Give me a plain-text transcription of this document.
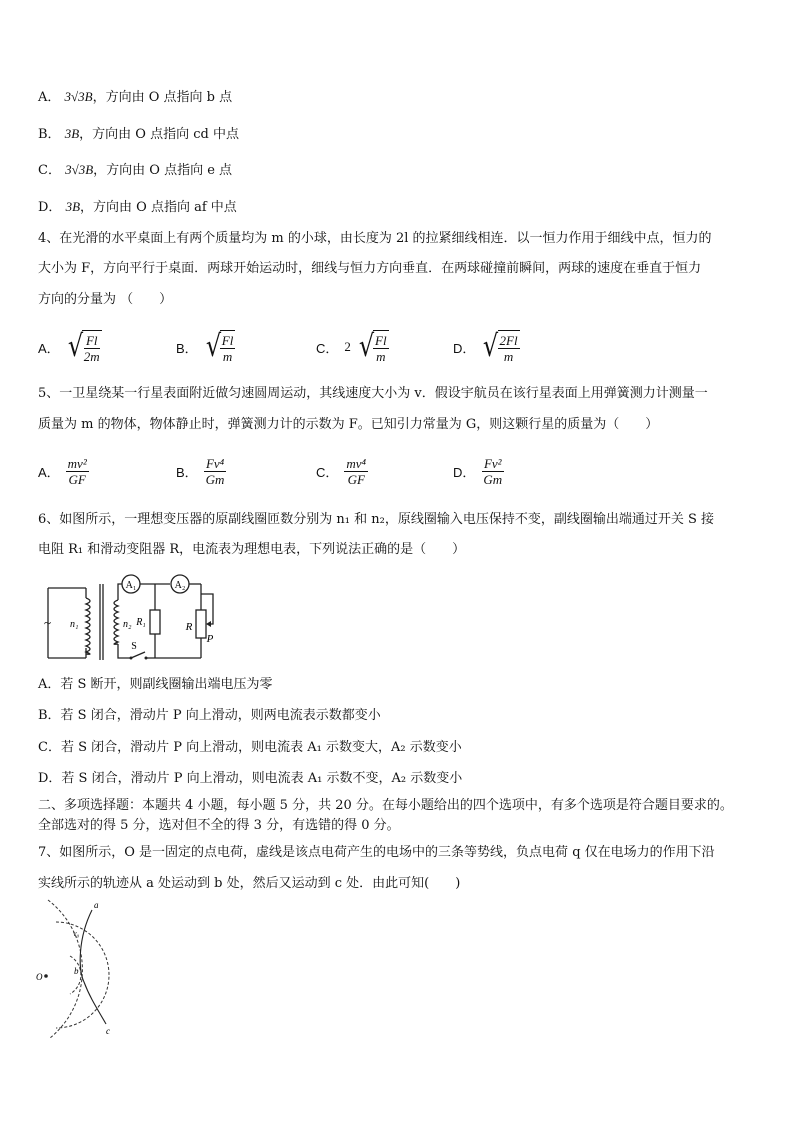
A． 3√3B，方向由 O 点指向 b 点
B． 3B，方向由 O 点指向 cd 中点
C． 3√3B，方向由 O 点指向 e 点
D． 3B，方向由 O 点指向 af 中点
4、在光滑的水平桌面上有两个质量均为 m 的小球，由长度为 2l 的拉紧细线相连．以一恒力作用于细线中点，恒力的
大小为 F，方向平行于桌面．两球开始运动时，细线与恒力方向垂直．在两球碰撞前瞬间，两球的速度在垂直于恒力
方向的分量为 （　　）
A． √
$\frac{Fl}{2m}$	B． √
$\frac{Fl}{m}$	C． 2 √
$\frac{Fl}{m}$	D． √
$\frac{2Fl}{m}$
5、一卫星绕某一行星表面附近做匀速圆周运动，其线速度大小为 v．假设宇航员在该行星表面上用弹簧测力计测量一
质量为 m 的物体，物体静止时，弹簧测力计的示数为 F。已知引力常量为 G，则这颗行星的质量为（　　）
A． $\frac{\text{mv²}}{GF}$	B． $\frac{\text{Fv⁴}}{Gm}$	C． $\frac{\text{mv⁴}}{GF}$	D． $\frac{\text{Fv²}}{Gm}$
6、如图所示，一理想变压器的原副线圈匝数分别为 n₁ 和 n₂，原线圈输入电压保持不变，副线圈输出端通过开关 S 接
电阻 R₁ 和滑动变阻器 R，电流表为理想电表，下列说法正确的是（　　）
A₁	A₂
~ n₁	n₂ R₁	R
P
S
A．若 S 断开，则副线圈输出端电压为零
B．若 S 闭合，滑动片 P 向上滑动，则两电流表示数都变小
C．若 S 闭合，滑动片 P 向上滑动，则电流表 A₁ 示数变大，A₂ 示数变小
D．若 S 闭合，滑动片 P 向上滑动，则电流表 A₁ 示数不变，A₂ 示数变小
二、多项选择题：本题共 4 小题，每小题 5 分，共 20 分。在每小题给出的四个选项中，有多个选项是符合题目要求的。
全部选对的得 5 分，选对但不全的得 3 分，有选错的得 0 分。
7、如图所示，O 是一固定的点电荷，虚线是该点电荷产生的电场中的三条等势线，负点电荷 q 仅在电场力的作用下沿
实线所示的轨迹从 a 处运动到 b 处，然后又运动到 c 处．由此可知(　　)
O
a
b
c
v₀
